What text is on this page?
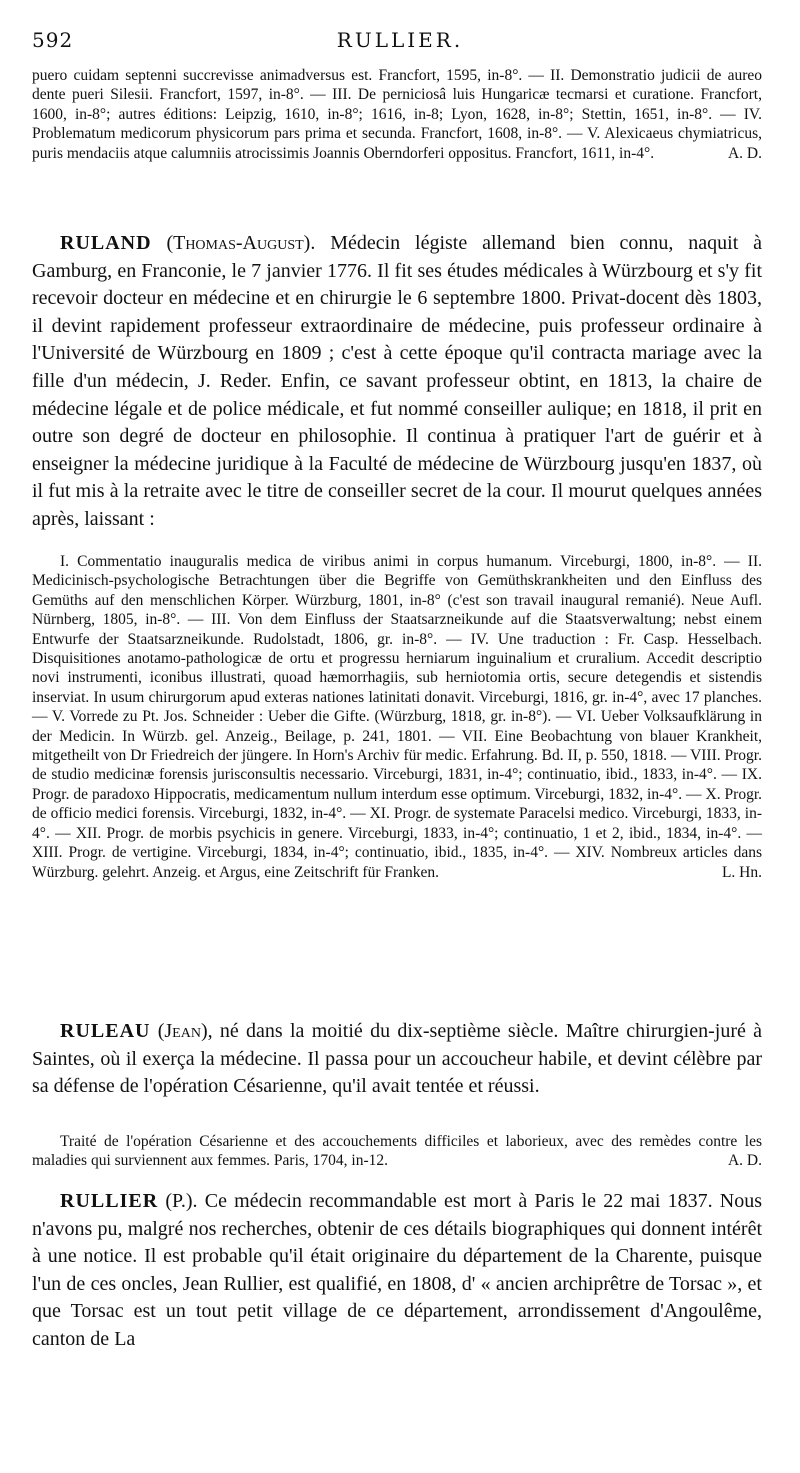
592	RULLIER.

puero cuidam septenni succrevisse animadversus est. Francfort, 1595, in-8°. — II. Demonstratio judicii de aureo dente pueri Silesii. Francfort, 1597, in-8°. — III. De perniciosâ luis Hungaricæ tecmarsi et curatione. Francfort, 1600, in-8°; autres éditions: Leipzig, 1610, in-8°; 1616, in-8; Lyon, 1628, in-8°; Stettin, 1651, in-8°. — IV. Problematum medicorum physicorum pars prima et secunda. Francfort, 1608, in-8°. — V. Alexicaeus chymiatricus, puris mendaciis atque calumniis atrocissimis Joannis Oberndorferi oppositus. Francfort, 1611, in-4°.	A. D.

RULAND (Thomas-August). Médecin légiste allemand bien connu, naquit à Gamburg, en Franconie, le 7 janvier 1776. Il fit ses études médicales à Würzbourg et s'y fit recevoir docteur en médecine et en chirurgie le 6 septembre 1800. Privat-docent dès 1803, il devint rapidement professeur extraordinaire de médecine, puis professeur ordinaire à l'Université de Würzbourg en 1809 ; c'est à cette époque qu'il contracta mariage avec la fille d'un médecin, J. Reder. Enfin, ce savant professeur obtint, en 1813, la chaire de médecine légale et de police médicale, et fut nommé conseiller aulique; en 1818, il prit en outre son degré de docteur en philosophie. Il continua à pratiquer l'art de guérir et à enseigner la médecine juridique à la Faculté de médecine de Würzbourg jusqu'en 1837, où il fut mis à la retraite avec le titre de conseiller secret de la cour. Il mourut quelques années après, laissant :

I. Commentatio inauguralis medica de viribus animi in corpus humanum. Virceburgi, 1800, in-8°. — II. Medicinisch-psychologische Betrachtungen über die Begriffe von Gemüthskrankheiten und den Einfluss des Gemüths auf den menschlichen Körper. Würzburg, 1801, in-8° (c'est son travail inaugural remanié). Neue Aufl. Nürnberg, 1805, in-8°. — III. Von dem Einfluss der Staatsarzneikunde auf die Staatsverwaltung; nebst einem Entwurfe der Staatsarzneikunde. Rudolstadt, 1806, gr. in-8°. — IV. Une traduction : Fr. Casp. Hesselbach. Disquisitiones anotamo-pathologicæ de ortu et progressu herniarum inguinalium et cruralium. Accedit descriptio novi instrumenti, iconibus illustrati, quoad hæmorrhagiis, sub herniotomia ortis, secure detegendis et sistendis inserviat. In usum chirurgorum apud exteras nationes latinitati donavit. Virceburgi, 1816, gr. in-4°, avec 17 planches. — V. Vorrede zu Pt. Jos. Schneider : Ueber die Gifte. (Würzburg, 1818, gr. in-8°). — VI. Ueber Volksaufklärung in der Medicin. In Würzb. gel. Anzeig., Beilage, p. 241, 1801. — VII. Eine Beobachtung von blauer Krankheit, mitgetheilt von Dr Friedreich der jüngere. In Horn's Archiv für medic. Erfahrung. Bd. II, p. 550, 1818. — VIII. Progr. de studio medicinæ forensis jurisconsultis necessario. Virceburgi, 1831, in-4°; continuatio, ibid., 1833, in-4°. — IX. Progr. de paradoxo Hippocratis, medicamentum nullum interdum esse optimum. Virceburgi, 1832, in-4°. — X. Progr. de officio medici forensis. Virceburgi, 1832, in-4°. — XI. Progr. de systemate Paracelsi medico. Virceburgi, 1833, in-4°. — XII. Progr. de morbis psychicis in genere. Virceburgi, 1833, in-4°; continuatio, 1 et 2, ibid., 1834, in-4°. — XIII. Progr. de vertigine. Virceburgi, 1834, in-4°; continuatio, ibid., 1835, in-4°. — XIV. Nombreux articles dans Würzburg. gelehrt. Anzeig. et Argus, eine Zeitschrift für Franken.	L. Hn.

RULEAU (Jean), né dans la moitié du dix-septième siècle. Maître chirurgien-juré à Saintes, où il exerça la médecine. Il passa pour un accoucheur habile, et devint célèbre par sa défense de l'opération Césarienne, qu'il avait tentée et réussi.

Traité de l'opération Césarienne et des accouchements difficiles et laborieux, avec des remèdes contre les maladies qui surviennent aux femmes. Paris, 1704, in-12.	A. D.

RULLIER (P.). Ce médecin recommandable est mort à Paris le 22 mai 1837. Nous n'avons pu, malgré nos recherches, obtenir de ces détails biographiques qui donnent intérêt à une notice. Il est probable qu'il était originaire du département de la Charente, puisque l'un de ces oncles, Jean Rullier, est qualifié, en 1808, d' « ancien archiprêtre de Torsac », et que Torsac est un tout petit village de ce département, arrondissement d'Angoulême, canton de La
